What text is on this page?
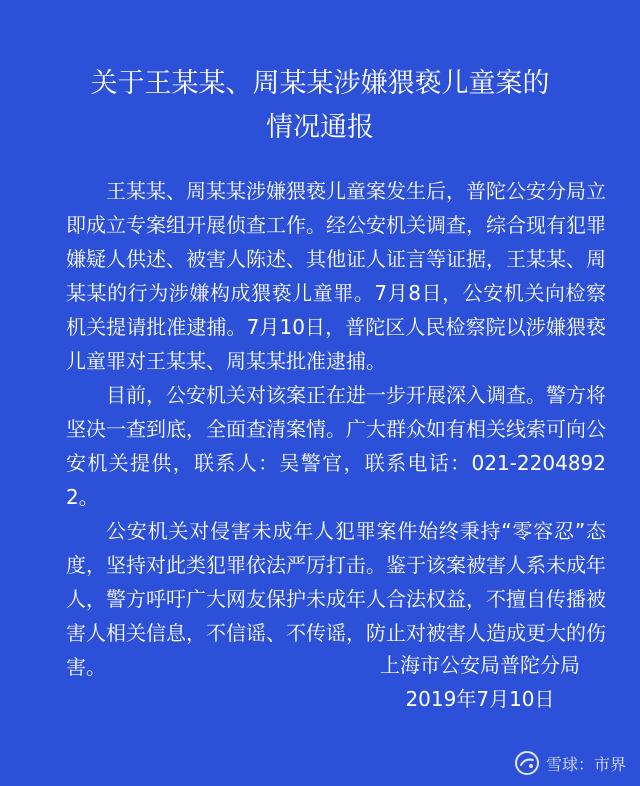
关于王某某、周某某涉嫌猥亵儿童案的
情况通报

王某某、周某某涉嫌猥亵儿童案发生后，普陀公安分局立即成立专案组开展侦查工作。经公安机关调查，综合现有犯罪嫌疑人供述、被害人陈述、其他证人证言等证据，王某某、周某某的行为涉嫌构成猥亵儿童罪。7月8日，公安机关向检察机关提请批准逮捕。7月10日，普陀区人民检察院以涉嫌猥亵儿童罪对王某某、周某某批准逮捕。

目前，公安机关对该案正在进一步开展深入调查。警方将坚决一查到底，全面查清案情。广大群众如有相关线索可向公安机关提供，联系人：吴警官，联系电话：021-22048922。

公安机关对侵害未成年人犯罪案件始终秉持“零容忍”态度，坚持对此类犯罪依法严厉打击。鉴于该案被害人系未成年人，警方呼吁广大网友保护未成年人合法权益，不擅自传播被害人相关信息，不信谣、不传谣，防止对被害人造成更大的伤害。	上海市公安局普陀分局
2019年7月10日
雪球：市界
